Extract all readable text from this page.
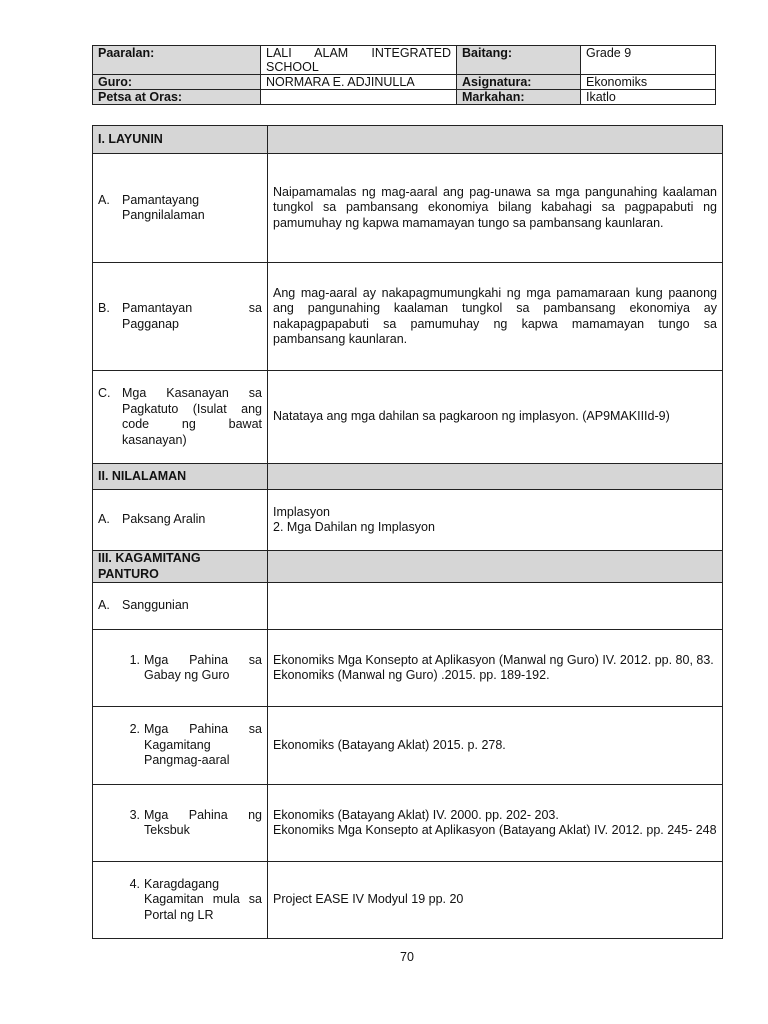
Paaralan:	LALI ALAM INTEGRATED SCHOOL	Baitang:	Grade 9
Guro:	NORMARA E. ADJINULLA	Asignatura:	Ekonomiks
Petsa at Oras:		Markahan:	Ikatlo
I. LAYUNIN	

A. Pamantayang Pangnilalaman	Naipamamalas ng mag-aaral ang pag-unawa sa mga pangunahing kaalaman tungkol sa pambansang ekonomiya bilang kabahagi sa pagpapabuti ng pamumuhay ng kapwa mamamayan tungo sa pambansang kaunlaran.

B. Pamantayan sa Pagganap	Ang mag-aaral ay nakapagmumungkahi ng mga pamamaraan kung paanong ang pangunahing kaalaman tungkol sa pambansang ekonomiya ay nakapagpapabuti sa pamumuhay ng kapwa mamamayan tungo sa pambansang kaunlaran.

C. Mga Kasanayan sa Pagkatuto (Isulat ang code ng bawat kasanayan)	Natataya ang mga dahilan sa pagkaroon ng implasyon. (AP9MAKIIId-9)
II. NILALAMAN	

A. Paksang Aralin	Implasyon
2. Mga Dahilan ng Implasyon
III. KAGAMITANG
PANTURO	

A. Sanggunian	

1. Mga Pahina sa Gabay ng Guro	Ekonomiks Mga Konsepto at Aplikasyon (Manwal ng Guro) IV. 2012. pp. 80, 83.
Ekonomiks (Manwal ng Guro) .2015. pp. 189-192.

2. Mga Pahina sa Kagamitang Pangmag-aaral	Ekonomiks (Batayang Aklat) 2015. p. 278.

3. Mga Pahina ng Teksbuk	Ekonomiks (Batayang Aklat) IV. 2000. pp. 202- 203.
Ekonomiks Mga Konsepto at Aplikasyon (Batayang Aklat) IV. 2012. pp. 245- 248

4. Karagdagang Kagamitan mula sa Portal ng LR	Project EASE IV Modyul 19 pp. 20
70
